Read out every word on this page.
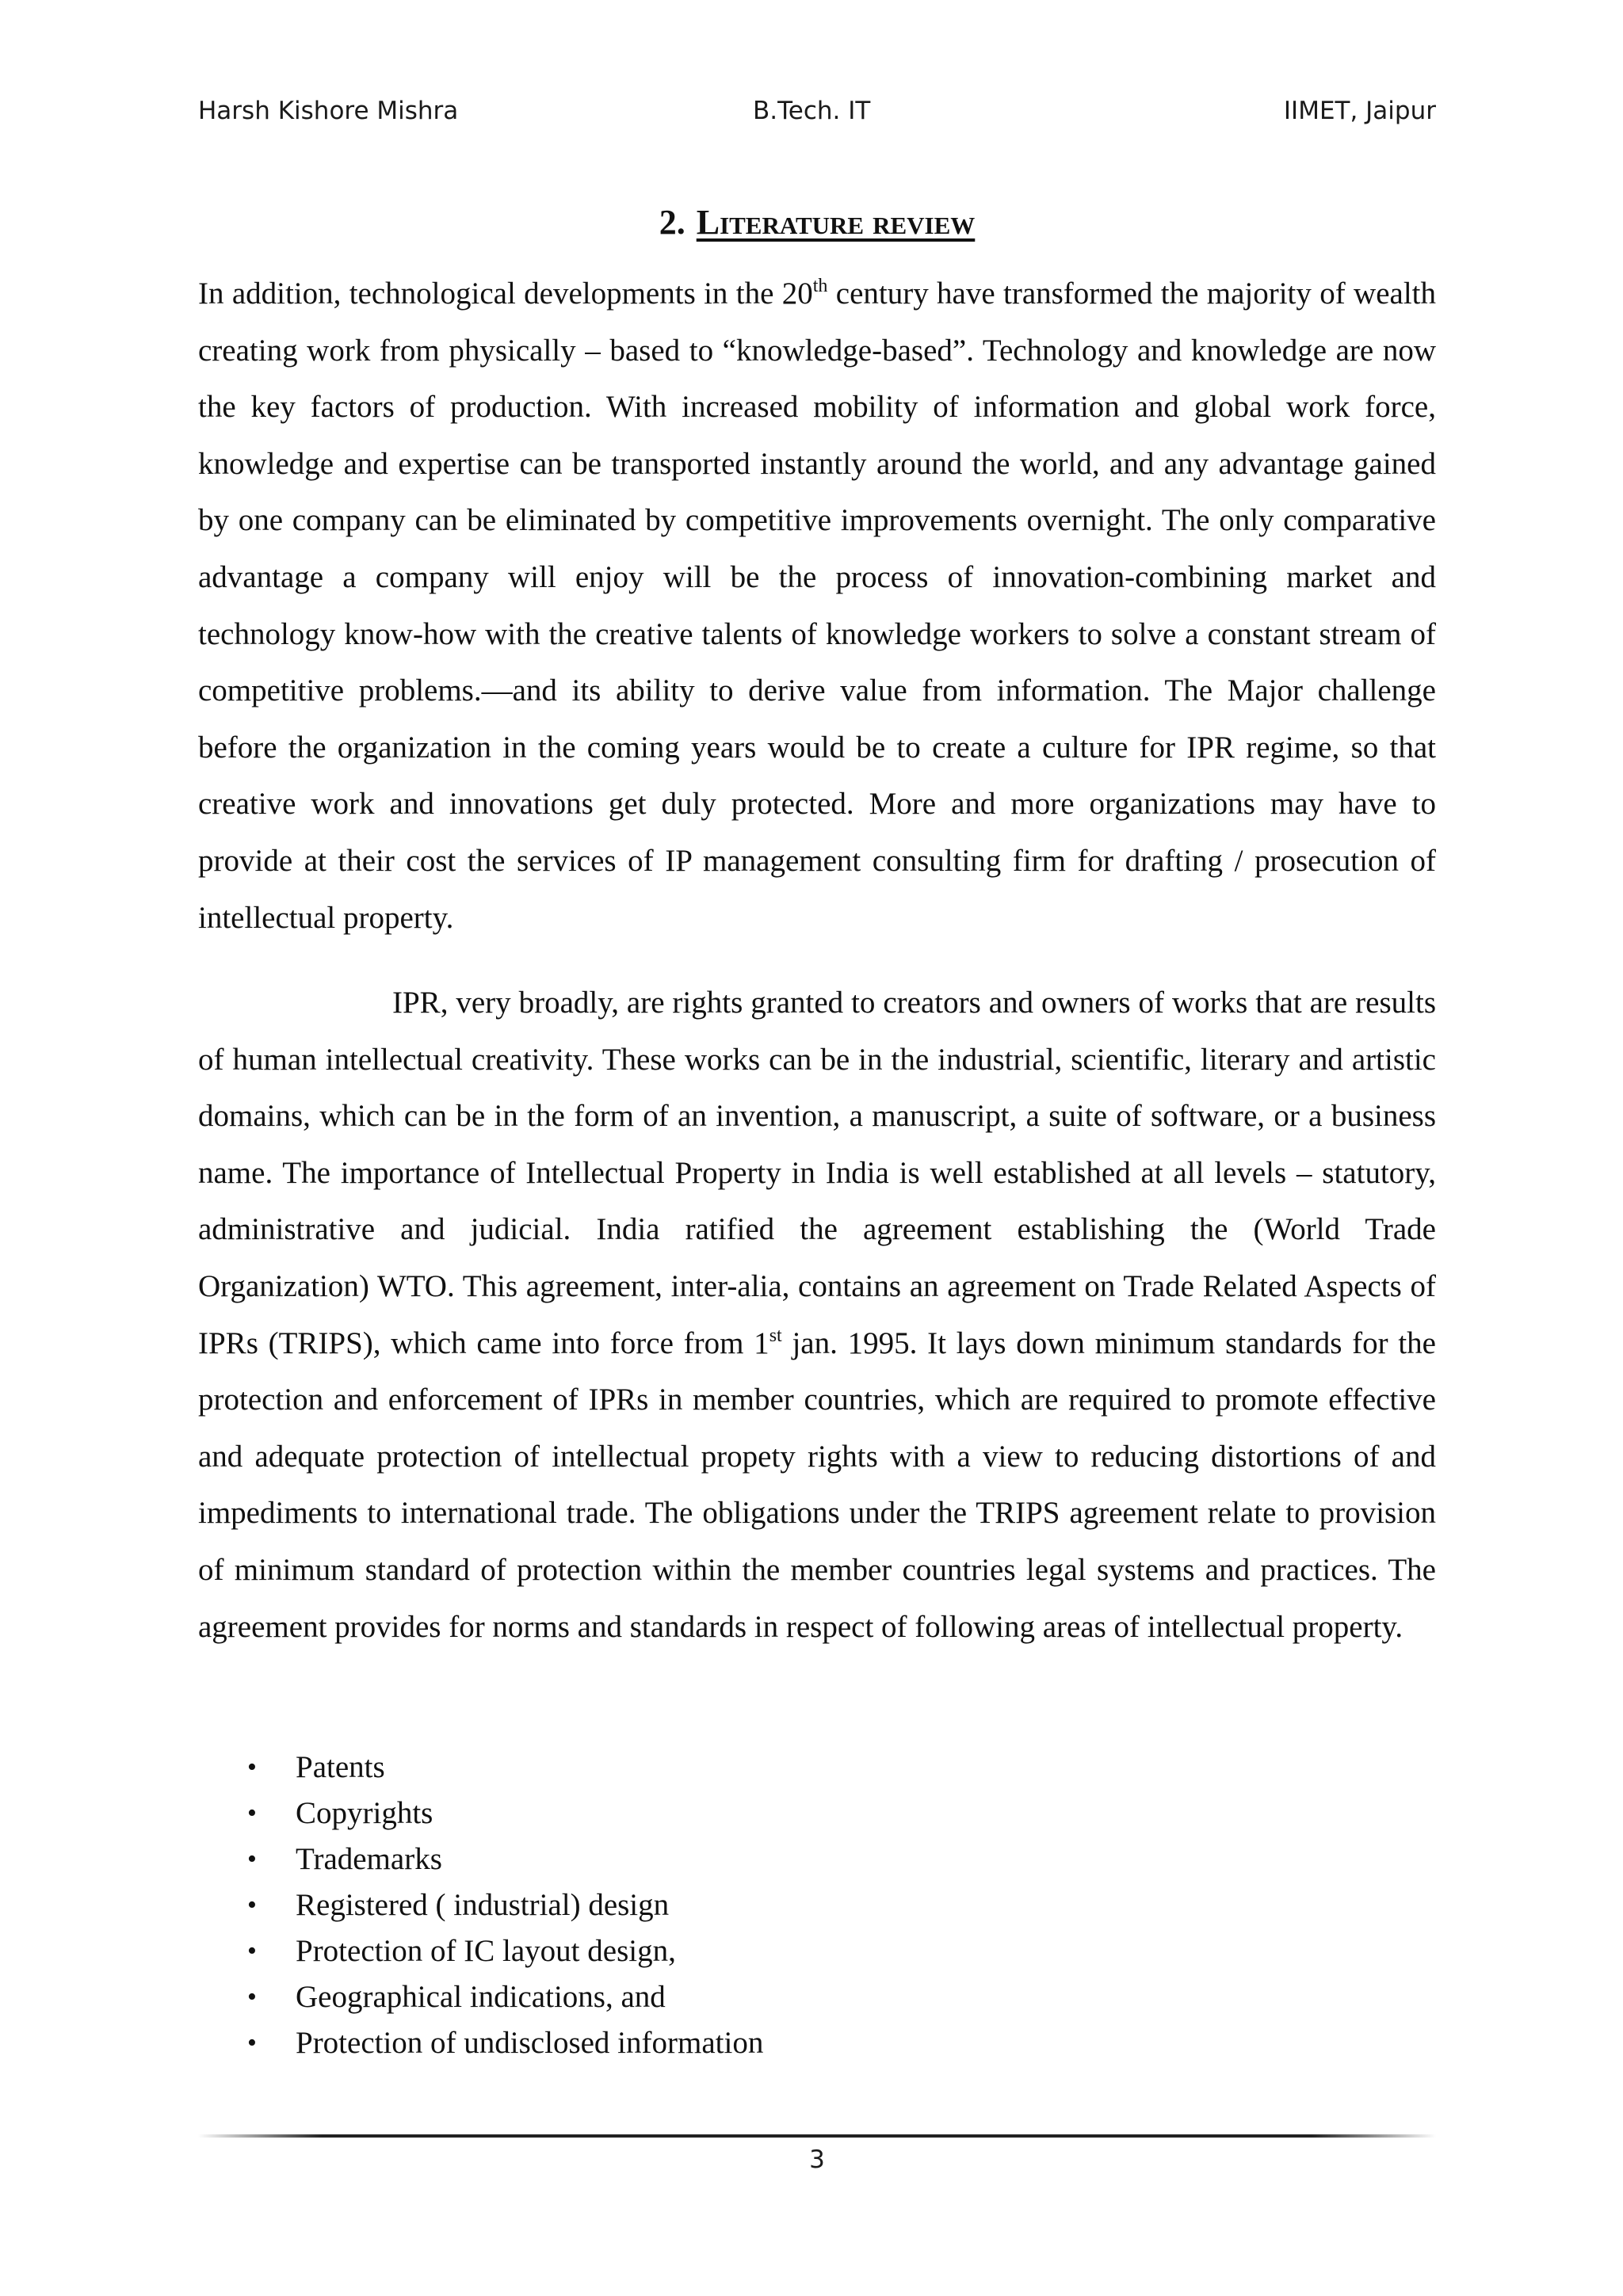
Harsh Kishore Mishra	B.Tech. IT	IIMET, Jaipur
2. Literature review

In addition, technological developments in the 20th century have transformed the majority of wealth creating work from physically – based to “knowledge-based”. Technology and knowledge are now the key factors of production. With increased mobility of information and global work force, knowledge and expertise can be transported instantly around the world, and any advantage gained by one company can be eliminated by competitive improvements overnight. The only comparative advantage a company will enjoy will be the process of innovation-combining market and technology know-how with the creative talents of knowledge workers to solve a constant stream of competitive problems.—and its ability to derive value from information. The Major challenge before the organization in the coming years would be to create a culture for IPR regime, so that creative work and innovations get duly protected. More and more organizations may have to provide at their cost the services of IP management consulting firm for drafting / prosecution of intellectual property.

IPR, very broadly, are rights granted to creators and owners of works that are results of human intellectual creativity. These works can be in the industrial, scientific, literary and artistic domains, which can be in the form of an invention, a manuscript, a suite of software, or a business name. The importance of Intellectual Property in India is well established at all levels – statutory, administrative and judicial. India ratified the agreement establishing the (World Trade Organization) WTO. This agreement, inter-alia, contains an agreement on Trade Related Aspects of IPRs (TRIPS), which came into force from 1st jan. 1995. It lays down minimum standards for the protection and enforcement of IPRs in member countries, which are required to promote effective and adequate protection of intellectual propety rights with a view to reducing distortions of and impediments to international trade. The obligations under the TRIPS agreement relate to provision of minimum standard of protection within the member countries legal systems and practices. The agreement provides for norms and standards in respect of following areas of intellectual property.

• Patents
• Copyrights
• Trademarks
• Registered ( industrial) design
• Protection of IC layout design,
• Geographical indications, and
• Protection of undisclosed information
3
